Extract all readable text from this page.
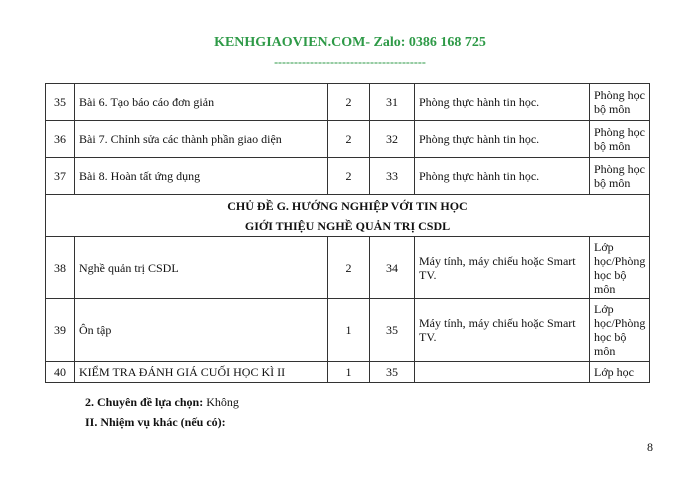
KENHGIAOVIEN.COM- Zalo: 0386 168 725
--------------------------------------
35	Bài 6. Tạo báo cáo đơn giản	2	31	Phòng thực hành tin học.	Phòng học bộ môn
36	Bài 7. Chỉnh sửa các thành phần giao diện	2	32	Phòng thực hành tin học.	Phòng học bộ môn
37	Bài 8. Hoàn tất ứng dụng	2	33	Phòng thực hành tin học.	Phòng học bộ môn

CHỦ ĐỀ G. HƯỚNG NGHIỆP VỚI TIN HỌC
GIỚI THIỆU NGHỀ QUẢN TRỊ CSDL					

38	Nghề quản trị CSDL	2	34	Máy tính, máy chiếu hoặc Smart TV.	Lớp học/Phòng học bộ môn
39	Ôn tập	1	35	Máy tính, máy chiếu hoặc Smart TV.	Lớp học/Phòng học bộ môn
40	KIỂM TRA ĐÁNH GIÁ CUỐI HỌC KÌ II	1	35		Lớp học
2. Chuyên đề lựa chọn: Không
II. Nhiệm vụ khác (nếu có):
8
